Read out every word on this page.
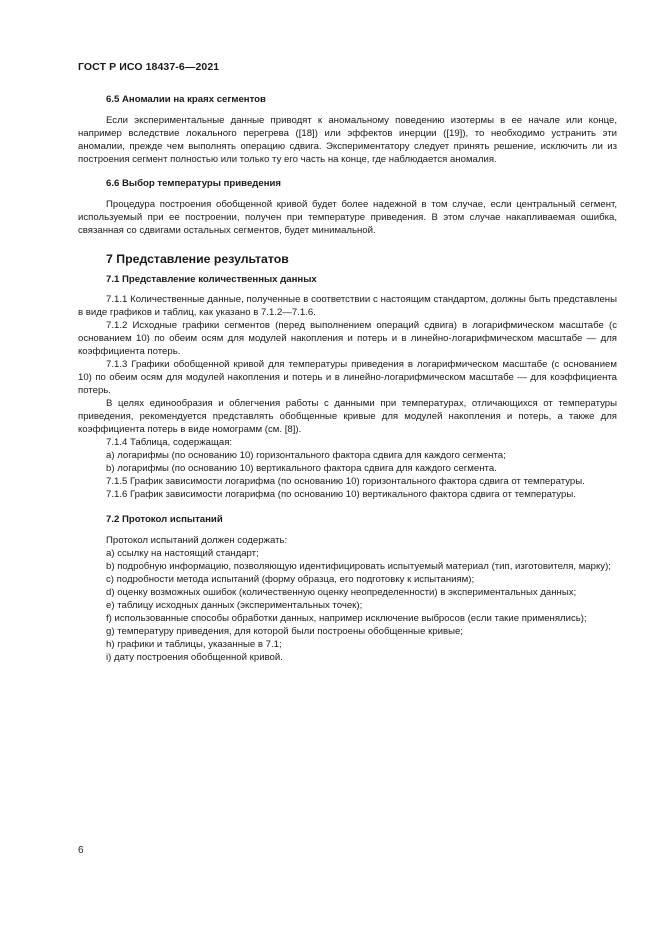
ГОСТ Р ИСО 18437-6—2021
6.5 Аномалии на краях сегментов

Если экспериментальные данные приводят к аномальному поведению изотермы в ее начале или конце, например вследствие локального перегрева ([18]) или эффектов инерции ([19]), то необходимо устранить эти аномалии, прежде чем выполнять операцию сдвига. Экспериментатору следует принять решение, исключить ли из построения сегмент полностью или только ту его часть на конце, где наблюдается аномалия.

6.6 Выбор температуры приведения

Процедура построения обобщенной кривой будет более надежной в том случае, если центральный сегмент, используемый при ее построении, получен при температуре приведения. В этом случае накапливаемая ошибка, связанная со сдвигами остальных сегментов, будет минимальной.

7 Представление результатов
7.1 Представление количественных данных

7.1.1 Количественные данные, полученные в соответствии с настоящим стандартом, должны быть представлены в виде графиков и таблиц, как указано в 7.1.2—7.1.6.

7.1.2 Исходные графики сегментов (перед выполнением операций сдвига) в логарифмическом масштабе (с основанием 10) по обеим осям для модулей накопления и потерь и в линейно-логарифмическом масштабе — для коэффициента потерь.

7.1.3 Графики обобщенной кривой для температуры приведения в логарифмическом масштабе (с основанием 10) по обеим осям для модулей накопления и потерь и в линейно-логарифмическом масштабе — для коэффициента потерь.

В целях единообразия и облегчения работы с данными при температурах, отличающихся от температуры приведения, рекомендуется представлять обобщенные кривые для модулей накопления и потерь, а также для коэффициента потерь в виде номограмм (см. [8]).

7.1.4 Таблица, содержащая:

a) логарифмы (по основанию 10) горизонтального фактора сдвига для каждого сегмента;

b) логарифмы (по основанию 10) вертикального фактора сдвига для каждого сегмента.

7.1.5 График зависимости логарифма (по основанию 10) горизонтального фактора сдвига от температуры.

7.1.6 График зависимости логарифма (по основанию 10) вертикального фактора сдвига от температуры.

7.2 Протокол испытаний

Протокол испытаний должен содержать:

a) ссылку на настоящий стандарт;

b) подробную информацию, позволяющую идентифицировать испытуемый материал (тип, изготовителя, марку);

c) подробности метода испытаний (форму образца, его подготовку к испытаниям);

d) оценку возможных ошибок (количественную оценку неопределенности) в экспериментальных данных;

e) таблицу исходных данных (экспериментальных точек);

f) использованные способы обработки данных, например исключение выбросов (если такие применялись);

g) температуру приведения, для которой были построены обобщенные кривые;

h) графики и таблицы, указанные в 7.1;

i) дату построения обобщенной кривой.

6
